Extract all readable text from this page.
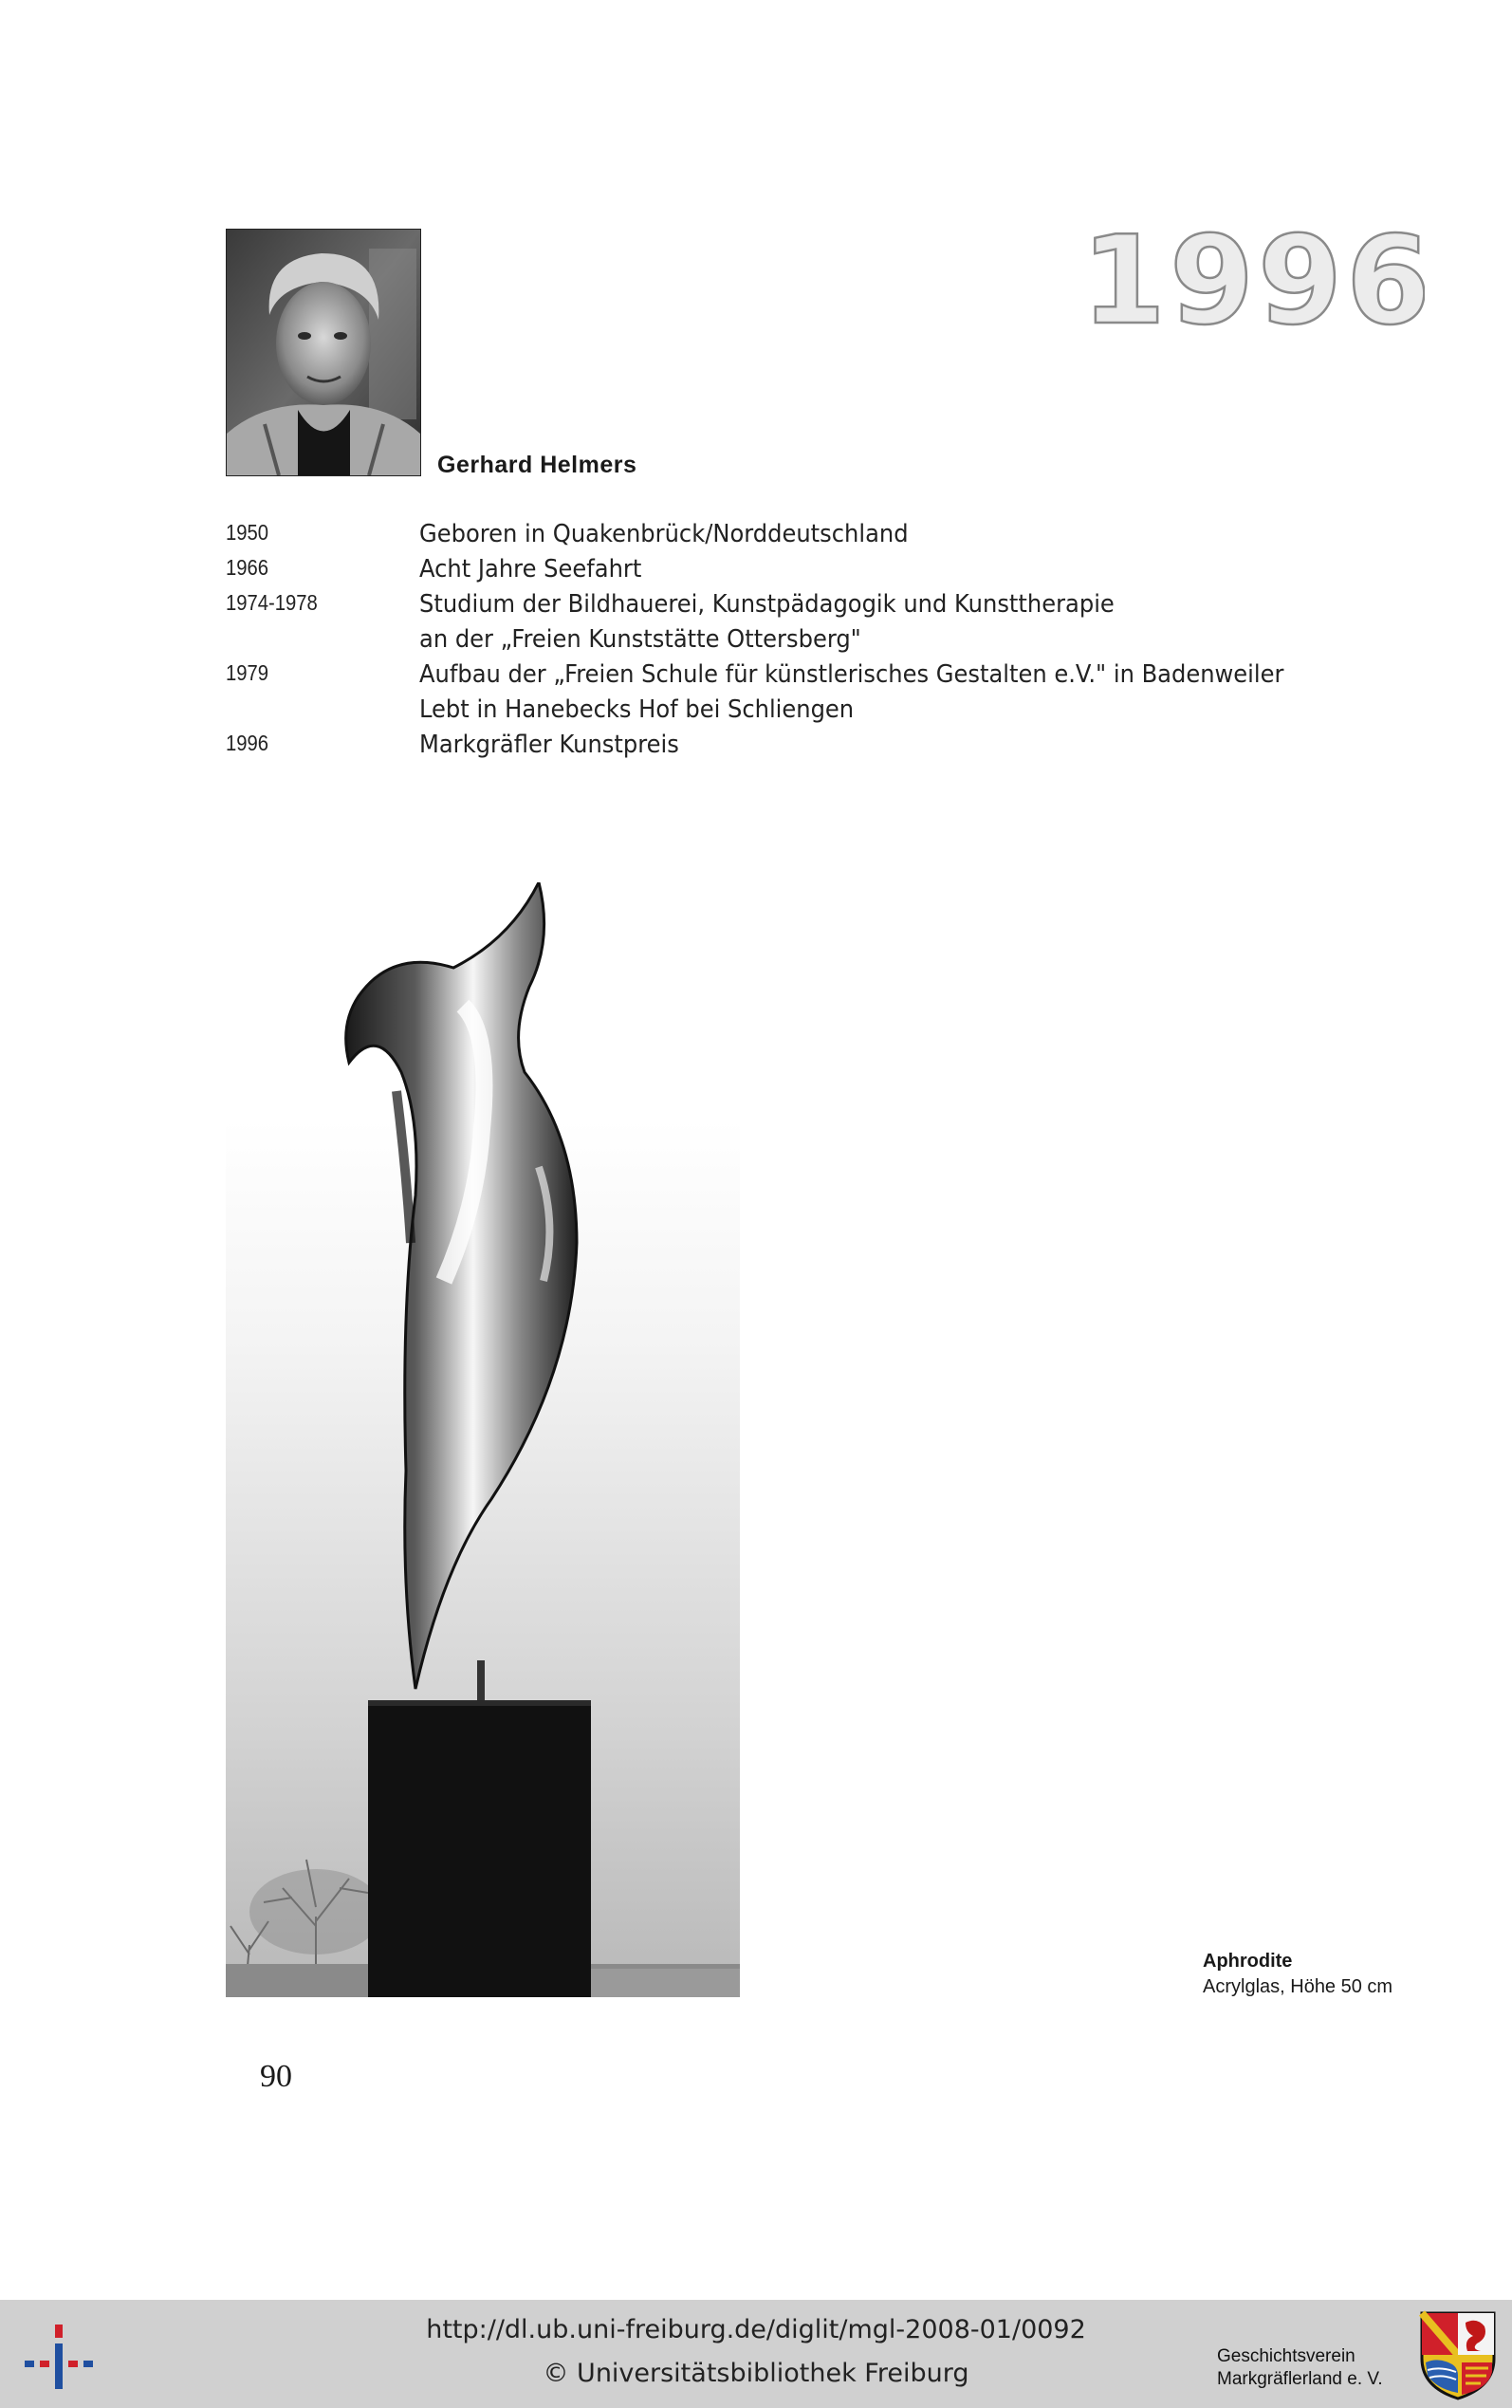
1996
Gerhard Helmers
1950	Geboren in Quakenbrück/Norddeutschland
1966	Acht Jahre Seefahrt
1974-1978	Studium der Bildhauerei, Kunstpädagogik und Kunsttherapie
an der „Freien Kunststätte Ottersberg"
1979	Aufbau der „Freien Schule für künstlerisches Gestalten e.V." in Badenweiler
Lebt in Hanebecks Hof bei Schliengen
1996	Markgräfler Kunstpreis
Aphrodite
Acrylglas, Höhe 50 cm
90
http://dl.ub.uni-freiburg.de/diglit/mgl-2008-01/0092
© Universitätsbibliothek Freiburg
Geschichtsverein
Markgräflerland e. V.
